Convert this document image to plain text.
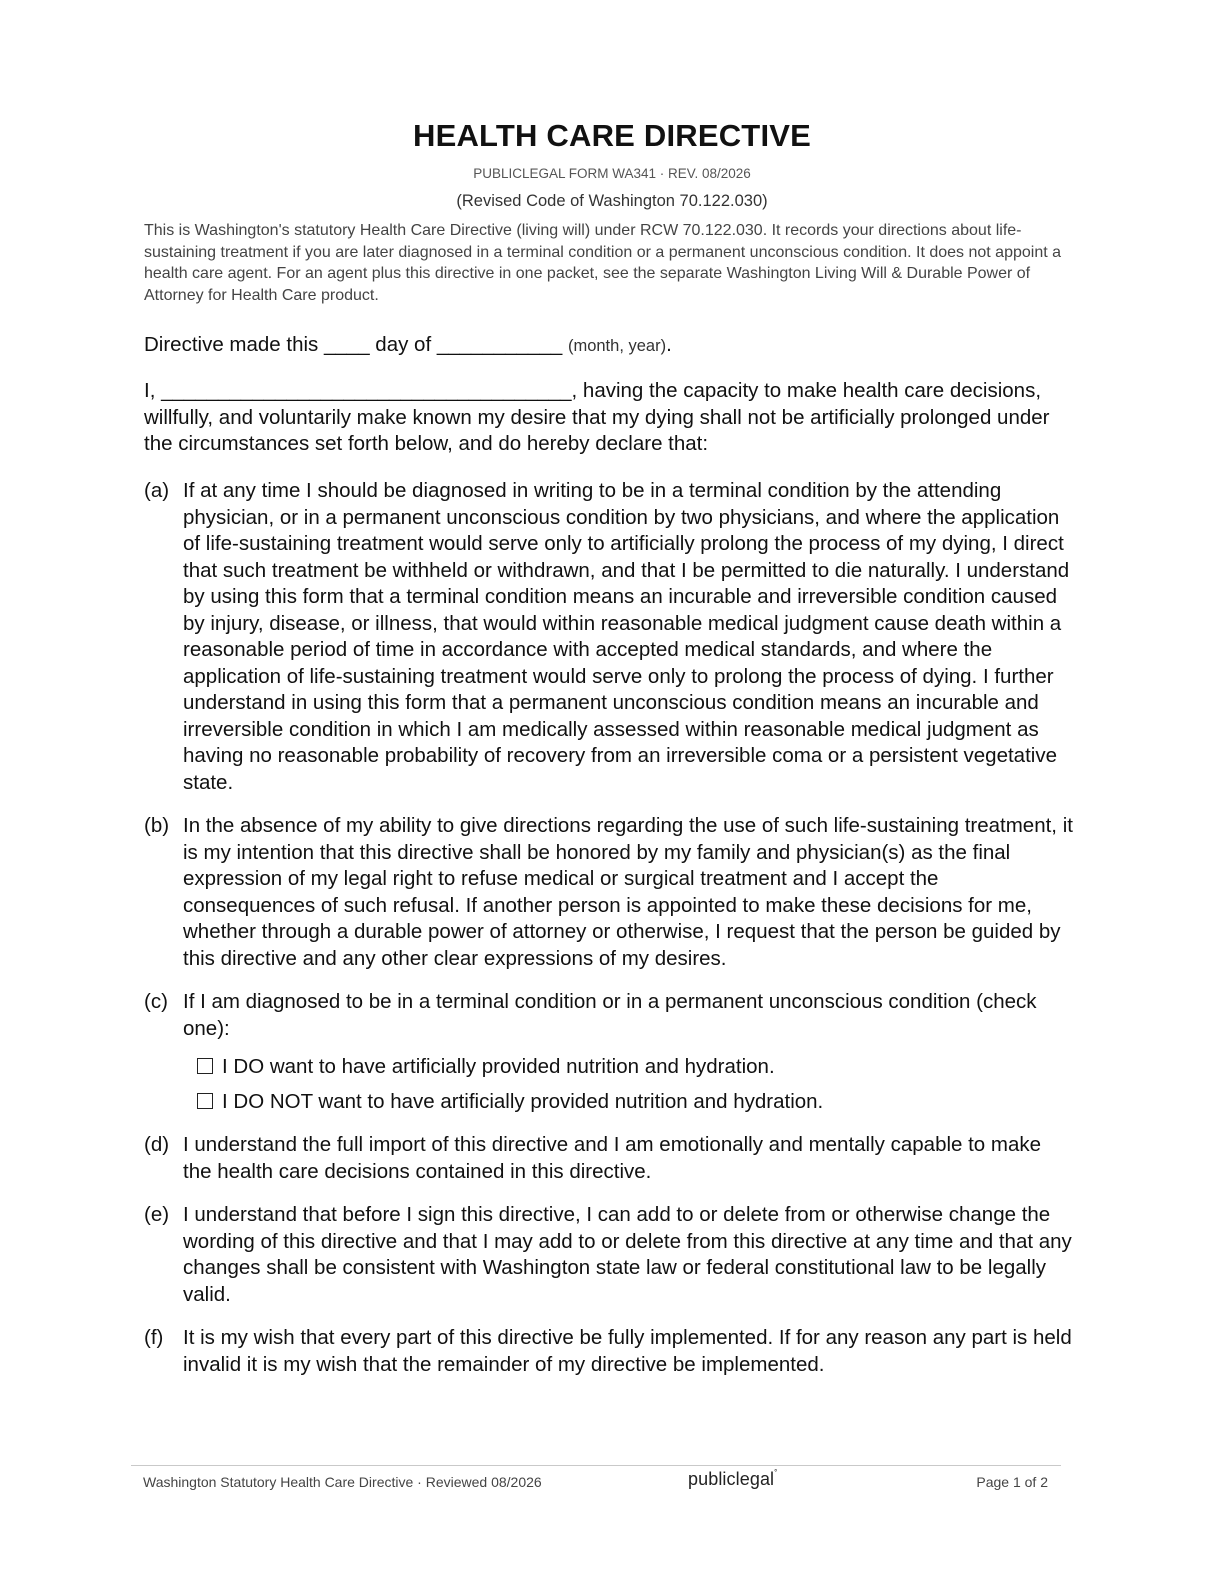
HEALTH CARE DIRECTIVE
PUBLICLEGAL FORM WA341 · REV. 08/2026
(Revised Code of Washington 70.122.030)
This is Washington's statutory Health Care Directive (living will) under RCW 70.122.030. It records your directions about life-sustaining treatment if you are later diagnosed in a terminal condition or a permanent unconscious condition. It does not appoint a health care agent. For an agent plus this directive in one packet, see the separate Washington Living Will & Durable Power of Attorney for Health Care product.
Directive made this ____ day of ___________ (month, year).
I, ____________________________________, having the capacity to make health care decisions, willfully, and voluntarily make known my desire that my dying shall not be artificially prolonged under the circumstances set forth below, and do hereby declare that:
(a) If at any time I should be diagnosed in writing to be in a terminal condition by the attending physician, or in a permanent unconscious condition by two physicians, and where the application of life-sustaining treatment would serve only to artificially prolong the process of my dying, I direct that such treatment be withheld or withdrawn, and that I be permitted to die naturally. I understand by using this form that a terminal condition means an incurable and irreversible condition caused by injury, disease, or illness, that would within reasonable medical judgment cause death within a reasonable period of time in accordance with accepted medical standards, and where the application of life-sustaining treatment would serve only to prolong the process of dying. I further understand in using this form that a permanent unconscious condition means an incurable and irreversible condition in which I am medically assessed within reasonable medical judgment as having no reasonable probability of recovery from an irreversible coma or a persistent vegetative state.
(b) In the absence of my ability to give directions regarding the use of such life-sustaining treatment, it is my intention that this directive shall be honored by my family and physician(s) as the final expression of my legal right to refuse medical or surgical treatment and I accept the consequences of such refusal. If another person is appointed to make these decisions for me, whether through a durable power of attorney or otherwise, I request that the person be guided by this directive and any other clear expressions of my desires.
(c) If I am diagnosed to be in a terminal condition or in a permanent unconscious condition (check one):
I DO want to have artificially provided nutrition and hydration.
I DO NOT want to have artificially provided nutrition and hydration.
(d) I understand the full import of this directive and I am emotionally and mentally capable to make the health care decisions contained in this directive.
(e) I understand that before I sign this directive, I can add to or delete from or otherwise change the wording of this directive and that I may add to or delete from this directive at any time and that any changes shall be consistent with Washington state law or federal constitutional law to be legally valid.
(f) It is my wish that every part of this directive be fully implemented. If for any reason any part is held invalid it is my wish that the remainder of my directive be implemented.
Washington Statutory Health Care Directive · Reviewed 08/2026	publiclegal°
Page 1 of 2
